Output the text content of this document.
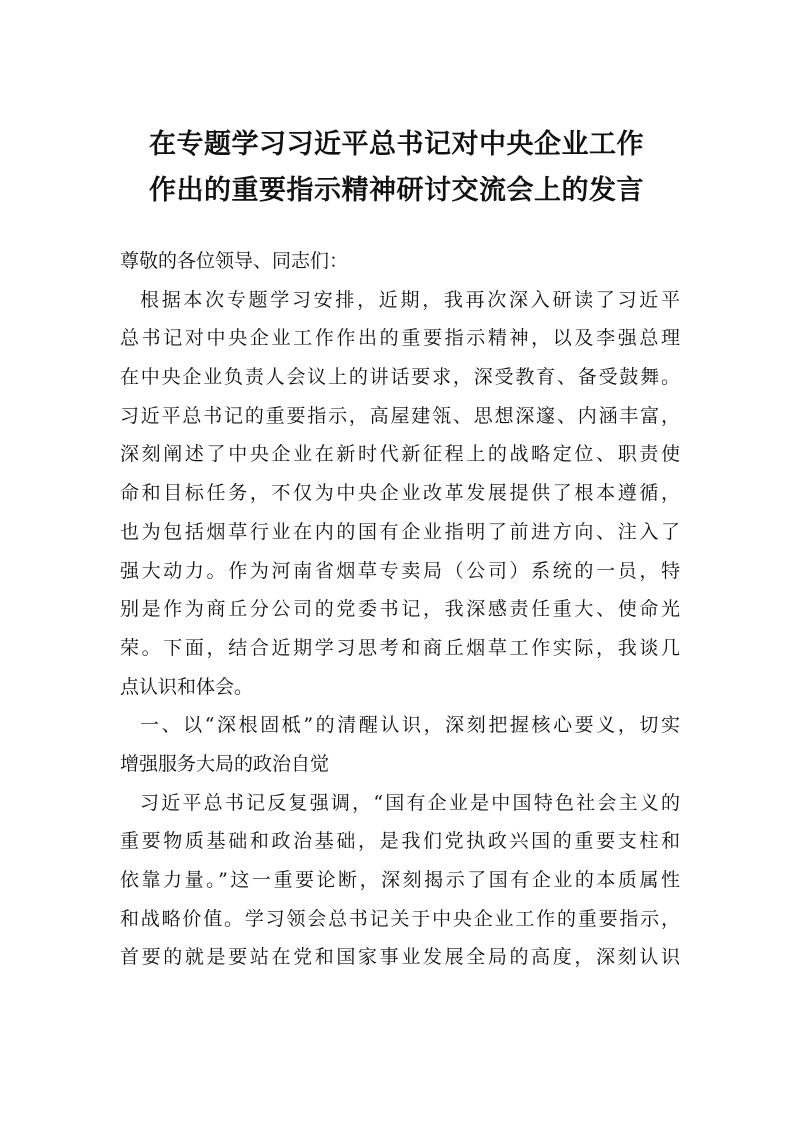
在专题学习习近平总书记对中央企业工作
作出的重要指示精神研讨交流会上的发言
尊敬的各位领导、同志们：
根据本次专题学习安排，近期，我再次深入研读了习近平
总书记对中央企业工作作出的重要指示精神，以及李强总理
在中央企业负责人会议上的讲话要求，深受教育、备受鼓舞。
习近平总书记的重要指示，高屋建瓴、思想深邃、内涵丰富，
深刻阐述了中央企业在新时代新征程上的战略定位、职责使
命和目标任务，不仅为中央企业改革发展提供了根本遵循，
也为包括烟草行业在内的国有企业指明了前进方向、注入了
强大动力。作为河南省烟草专卖局（公司）系统的一员，特
别是作为商丘分公司的党委书记，我深感责任重大、使命光
荣。下面，结合近期学习思考和商丘烟草工作实际，我谈几
点认识和体会。
一、以“深根固柢”的清醒认识，深刻把握核心要义，切实
增强服务大局的政治自觉
习近平总书记反复强调，“国有企业是中国特色社会主义的
重要物质基础和政治基础，是我们党执政兴国的重要支柱和
依靠力量。”这一重要论断，深刻揭示了国有企业的本质属性
和战略价值。学习领会总书记关于中央企业工作的重要指示，
首要的就是要站在党和国家事业发展全局的高度，深刻认识
